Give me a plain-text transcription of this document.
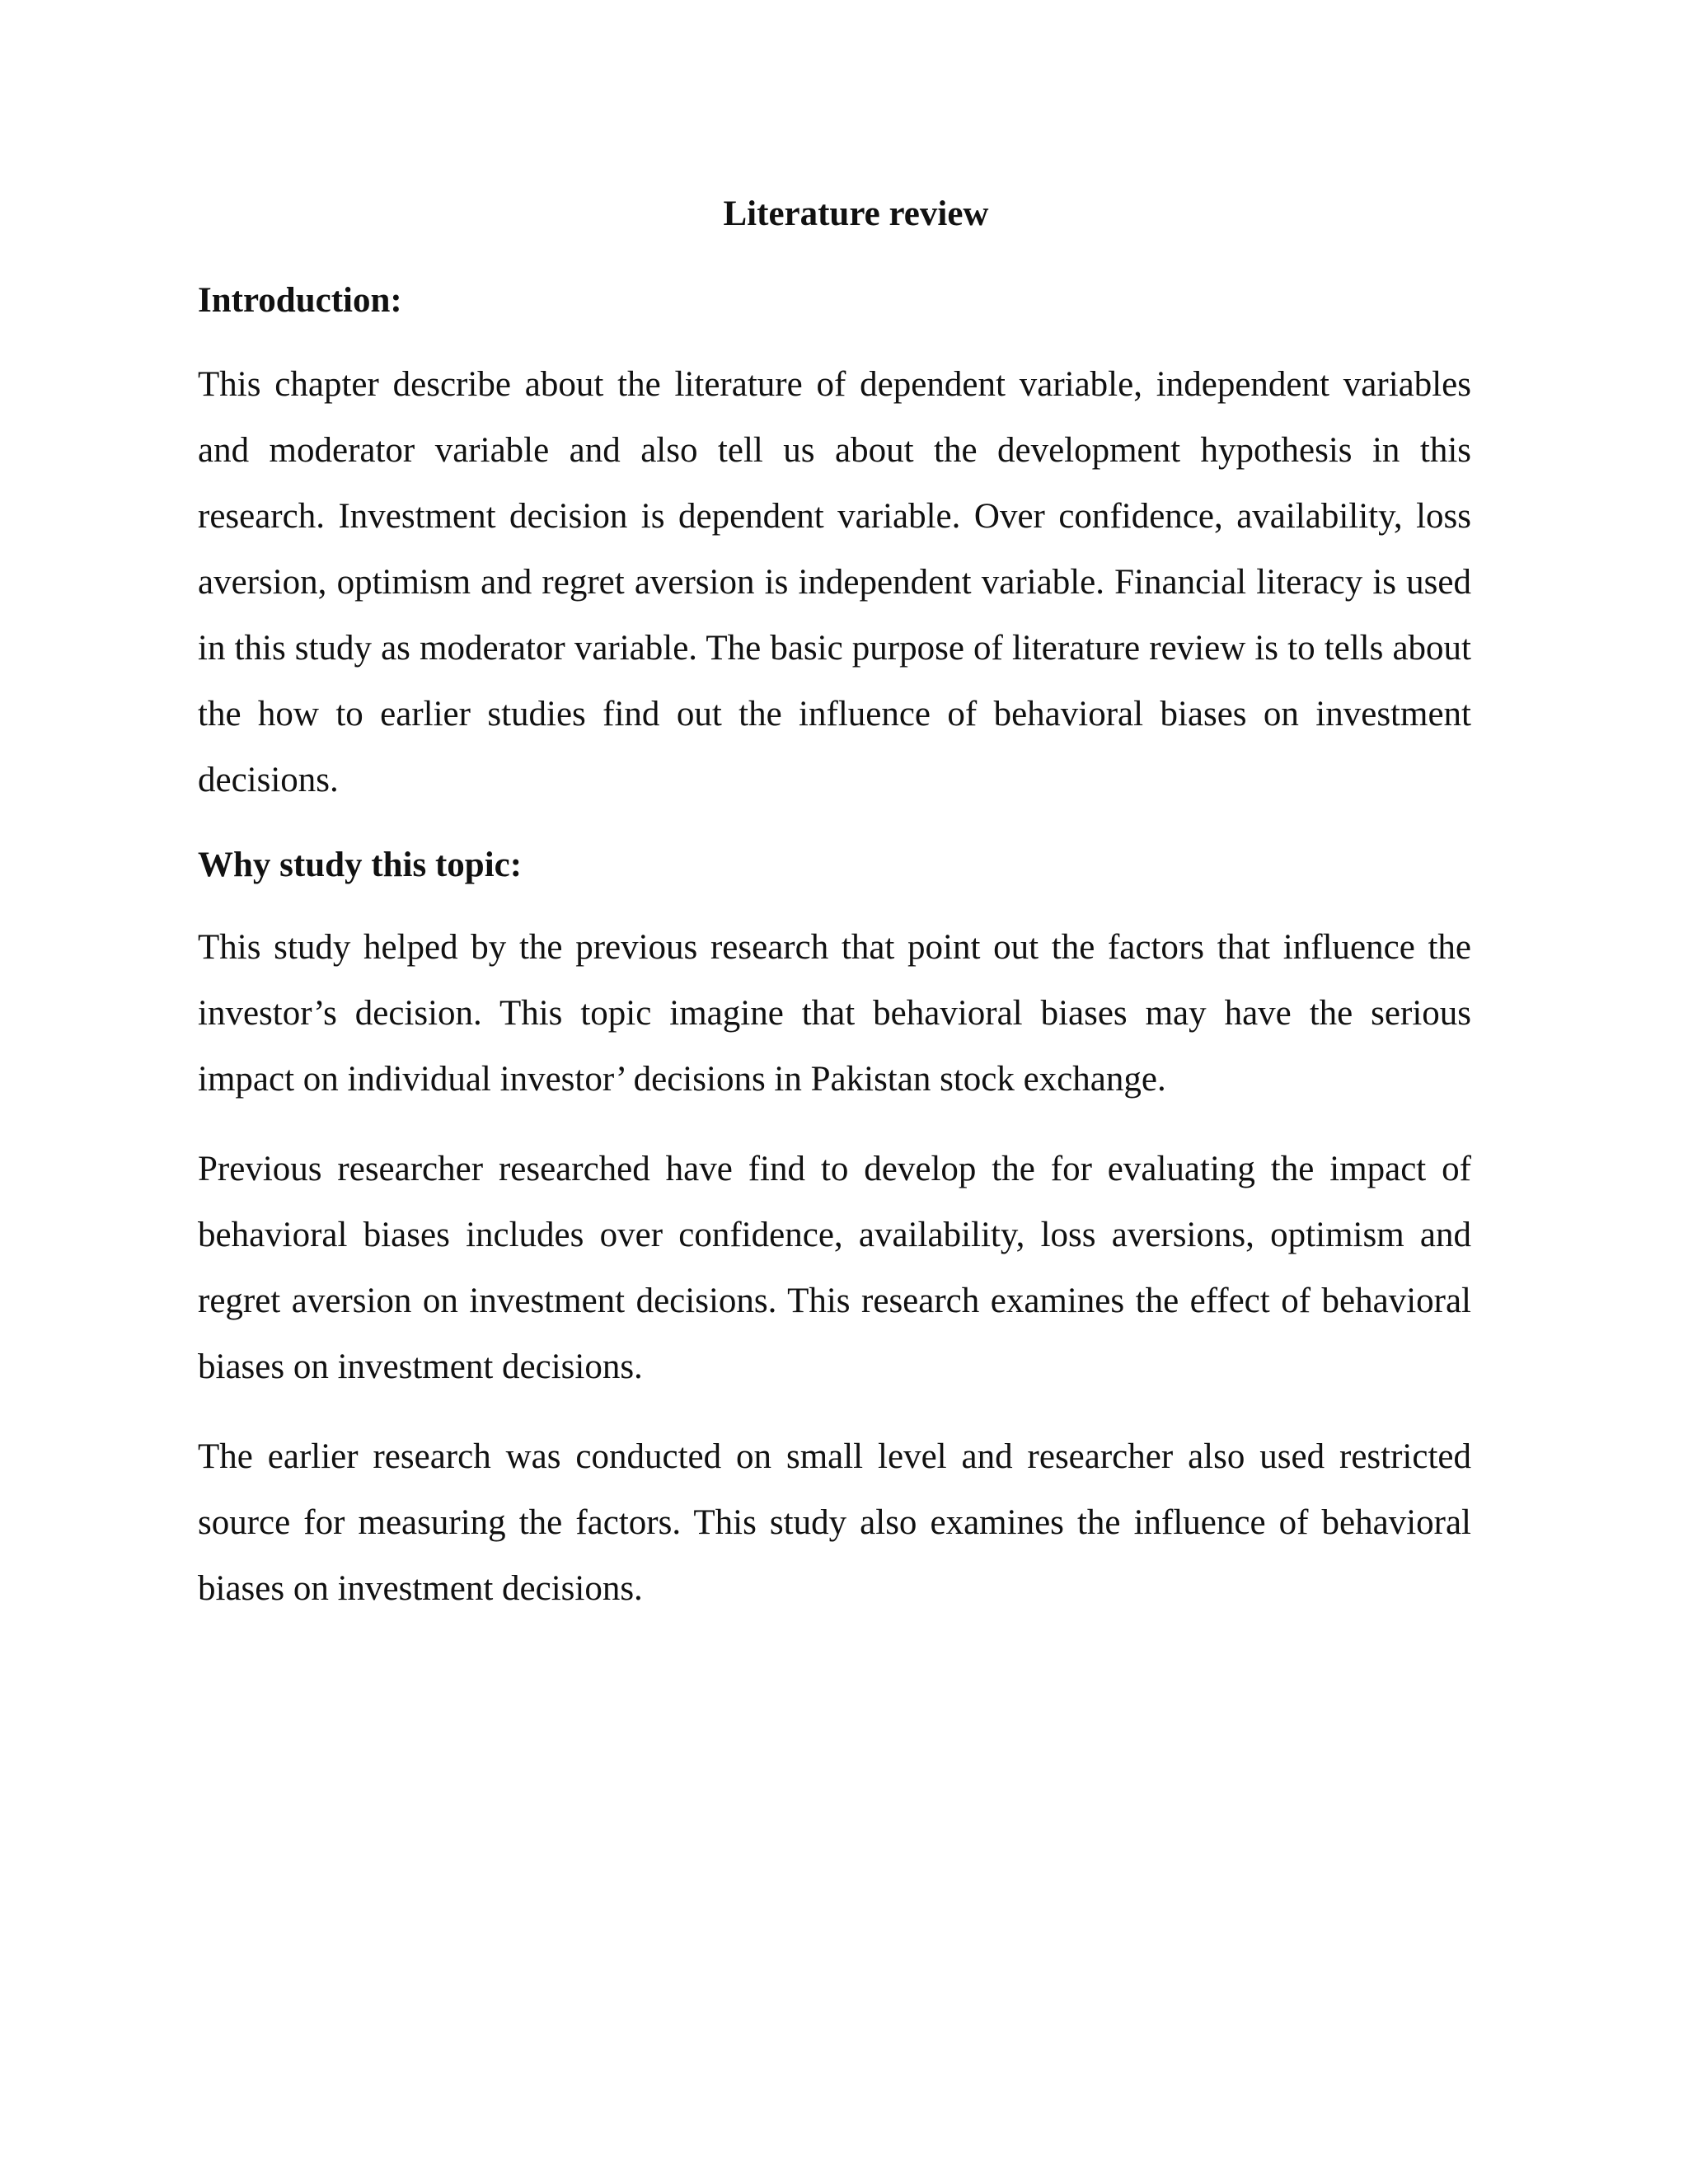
Literature review
Introduction:

This chapter describe about the literature of dependent variable, independent variables and moderator variable and also tell us about the development hypothesis in this research. Investment decision is dependent variable. Over confidence, availability, loss aversion, optimism and regret aversion is independent variable. Financial literacy is used in this study as moderator variable. The basic purpose of literature review is to tells about the how to earlier studies find out the influence of behavioral biases on investment decisions.

Why study this topic:

This study helped by the previous research that point out the factors that influence the investor’s decision. This topic imagine that behavioral biases may have the serious impact on individual investor’ decisions in Pakistan stock exchange.

Previous researcher researched have find to develop the for evaluating the impact of behavioral biases includes over confidence, availability, loss aversions, optimism and regret aversion on investment decisions. This research examines the effect of behavioral biases on investment decisions.

The earlier research was conducted on small level and researcher also used restricted source for measuring the factors. This study also examines the influence of behavioral biases on investment decisions.
